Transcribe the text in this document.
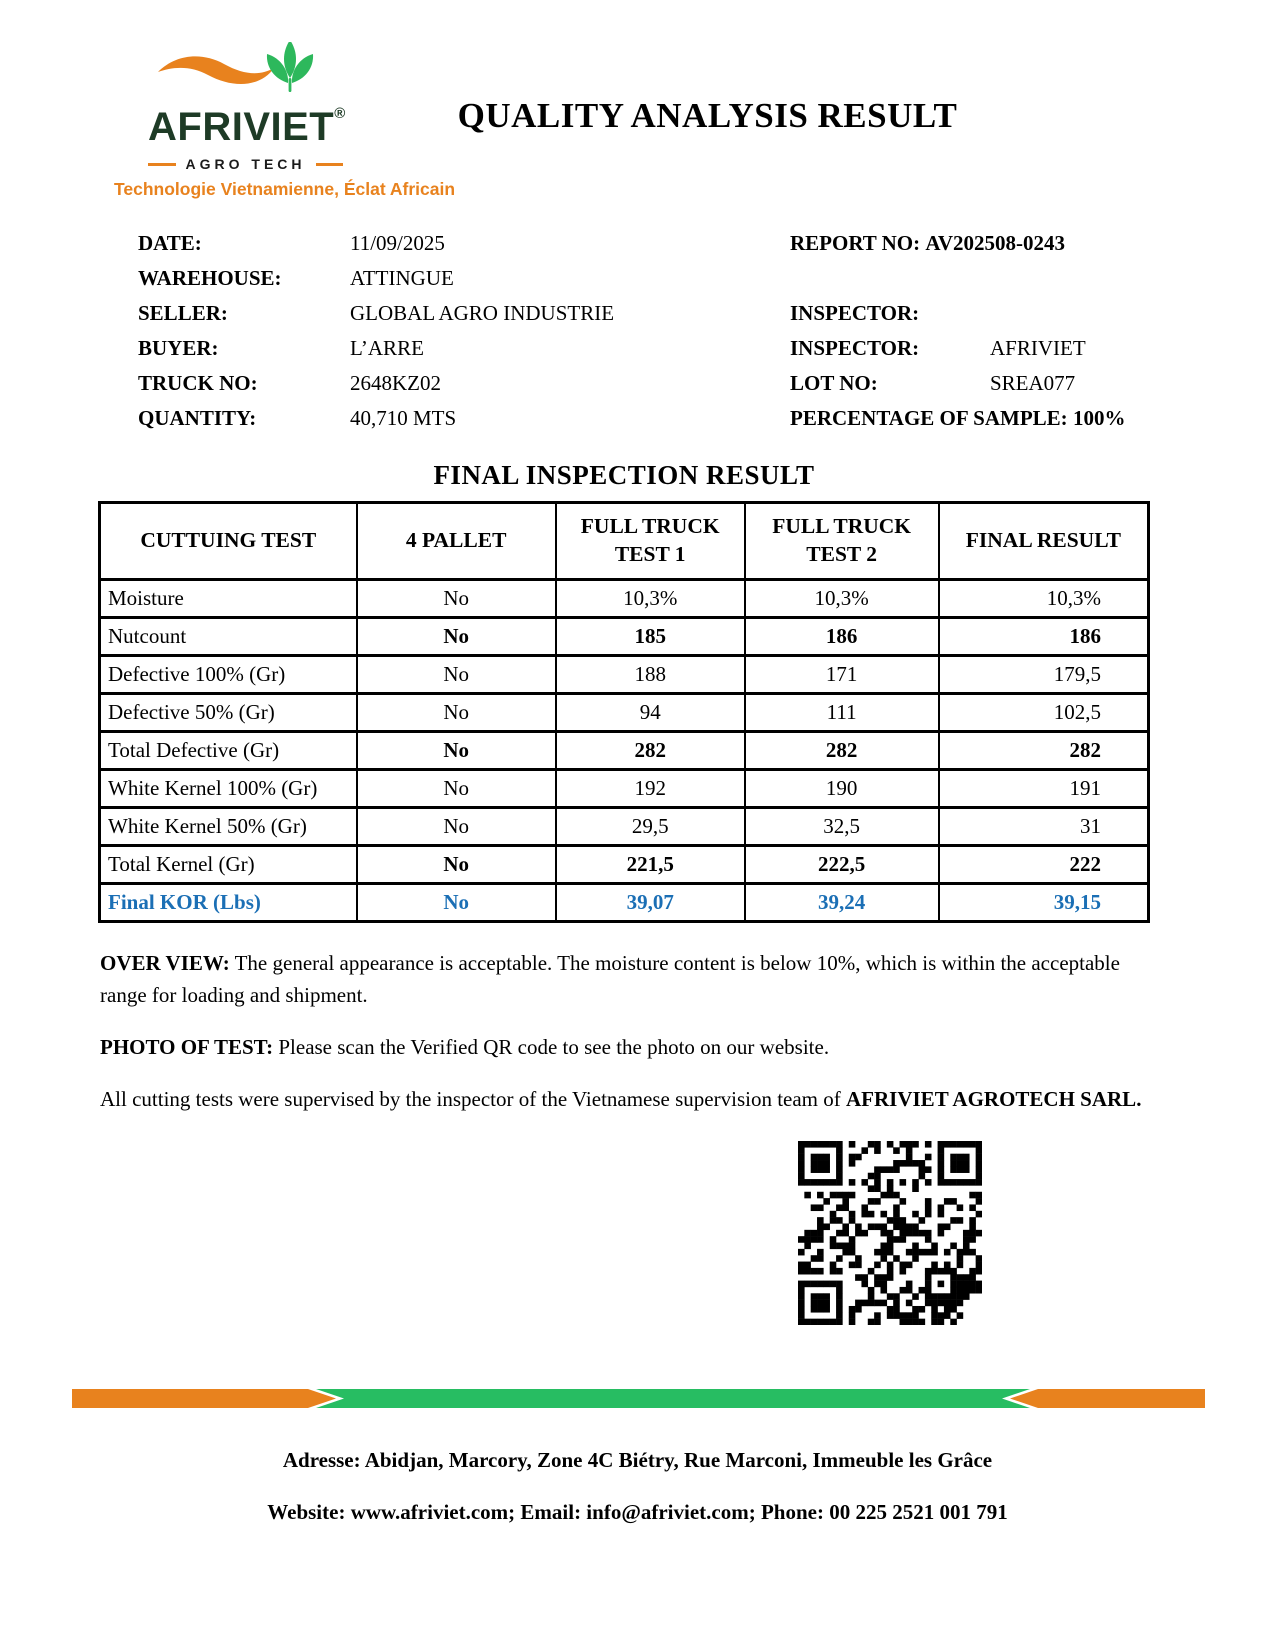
AFRIVIET®
AGRO TECH
Technologie Vietnamienne, Éclat Africain
QUALITY ANALYSIS RESULT
DATE:	11/09/2025	REPORT NO: AV202508-0243
WAREHOUSE:	ATTINGUE
SELLER:	GLOBAL AGRO INDUSTRIE	INSPECTOR:
BUYER:	L’ARRE	INSPECTOR:	AFRIVIET
TRUCK NO:	2648KZ02	LOT NO:	SREA077
QUANTITY:	40,710 MTS	PERCENTAGE OF SAMPLE: 100%
FINAL INSPECTION RESULT
CUTTUING TEST	4 PALLET	FULL TRUCK TEST 1	FULL TRUCK TEST 2	FINAL RESULT
Moisture	No	10,3%	10,3%	10,3%
Nutcount	No	185	186	186
Defective 100% (Gr)	No	188	171	179,5
Defective 50% (Gr)	No	94	111	102,5
Total Defective (Gr)	No	282	282	282
White Kernel 100% (Gr)	No	192	190	191
White Kernel 50% (Gr)	No	29,5	32,5	31
Total Kernel (Gr)	No	221,5	222,5	222
Final KOR (Lbs)	No	39,07	39,24	39,15

OVER VIEW: The general appearance is acceptable. The moisture content is below 10%, which is within the acceptable range for loading and shipment.

PHOTO OF TEST: Please scan the Verified QR code to see the photo on our website.

All cutting tests were supervised by the inspector of the Vietnamese supervision team of AFRIVIET AGROTECH SARL.

Adresse: Abidjan, Marcory, Zone 4C Biétry, Rue Marconi, Immeuble les Grâce
Website: www.afriviet.com; Email: info@afriviet.com; Phone: 00 225 2521 001 791
